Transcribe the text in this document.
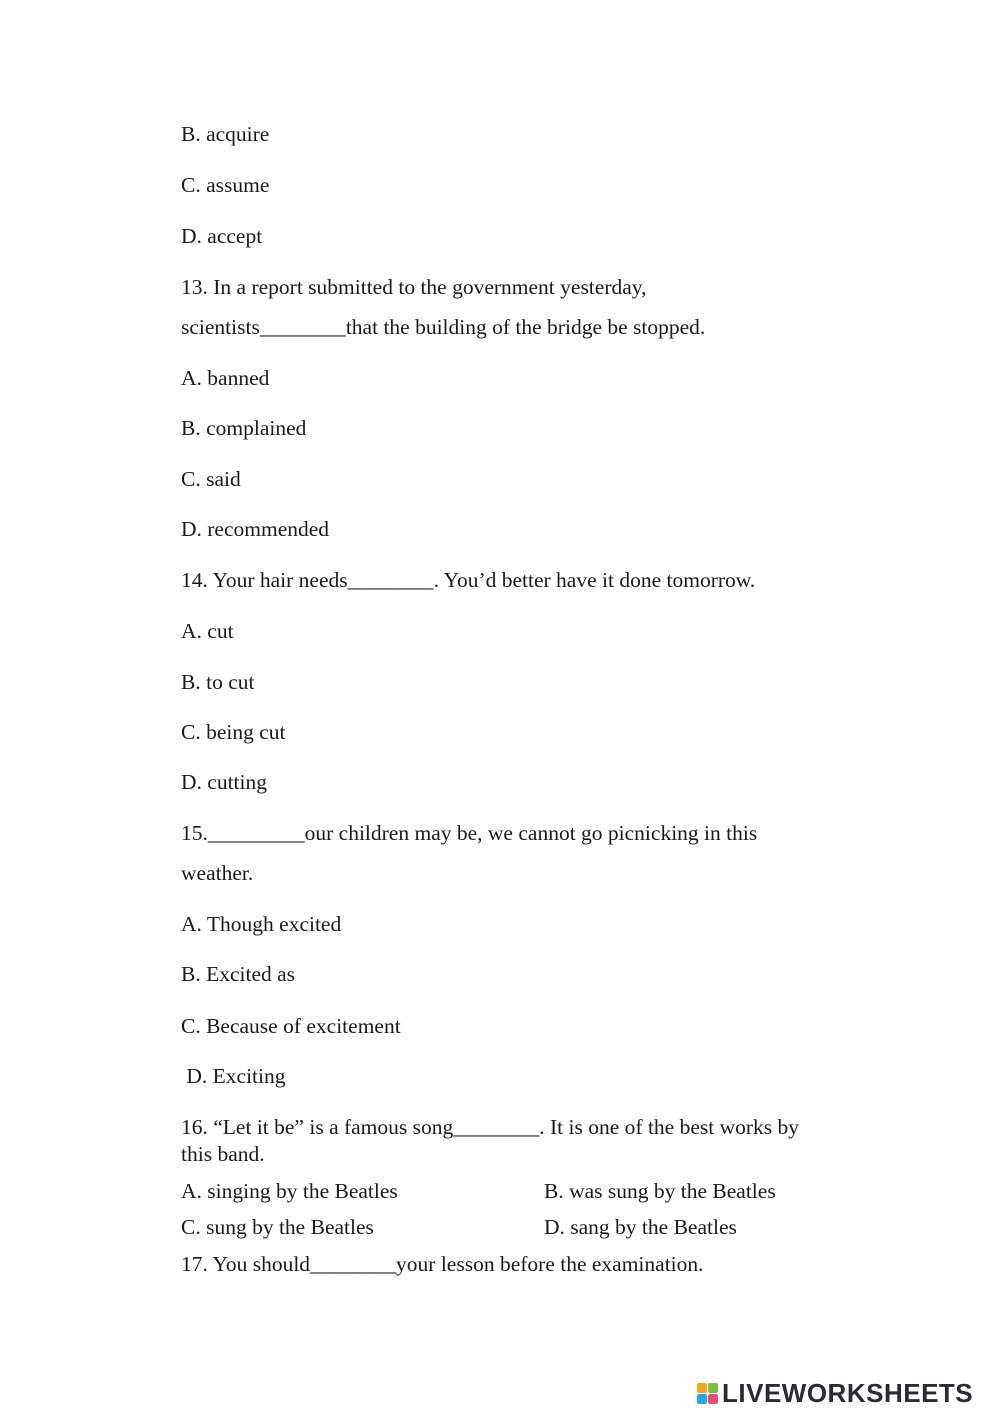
B. acquire
C. assume
D. accept
13. In a report submitted to the government yesterday,
scientists________that the building of the bridge be stopped.
A. banned
B. complained
C. said
D. recommended
14. Your hair needs________. You’d better have it done tomorrow.
A. cut
B. to cut
C. being cut
D. cutting
15._________our children may be, we cannot go picnicking in this
weather.
A. Though excited
B. Excited as
C. Because of excitement
D. Exciting
16. “Let it be” is a famous song________. It is one of the best works by
this band.
A. singing by the Beatles	B. was sung by the Beatles
C. sung by the Beatles	D. sang by the Beatles
17. You should________your lesson before the examination.
LIVEWORKSHEETS
